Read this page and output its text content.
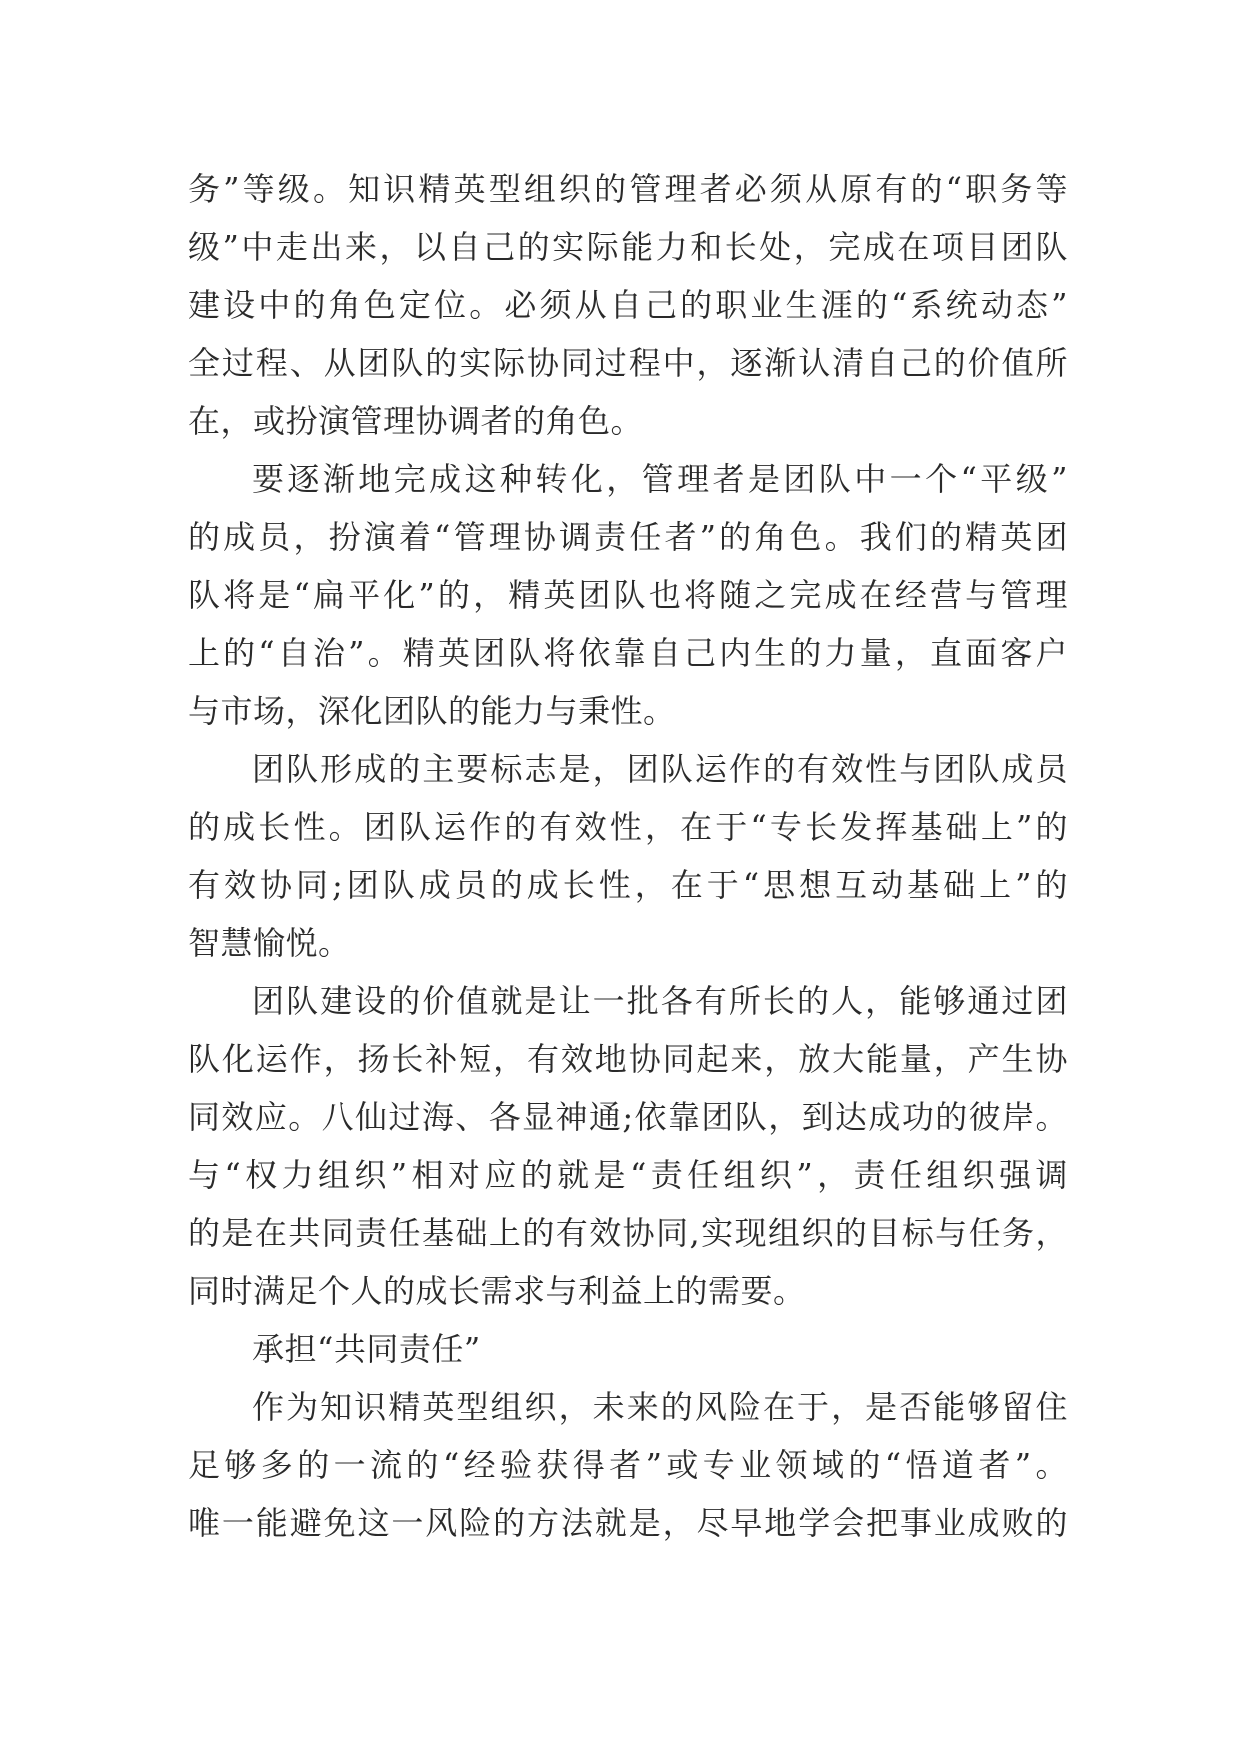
务”等级。知识精英型组织的管理者必须从原有的“职务等
级”中走出来，以自己的实际能力和长处，完成在项目团队
建设中的角色定位。必须从自己的职业生涯的“系统动态”
全过程、从团队的实际协同过程中，逐渐认清自己的价值所
在，或扮演管理协调者的角色。
要逐渐地完成这种转化，管理者是团队中一个“平级”
的成员，扮演着“管理协调责任者”的角色。我们的精英团
队将是“扁平化”的，精英团队也将随之完成在经营与管理
上的“自治”。精英团队将依靠自己内生的力量，直面客户
与市场，深化团队的能力与秉性。
团队形成的主要标志是，团队运作的有效性与团队成员
的成长性。团队运作的有效性，在于“专长发挥基础上”的
有效协同;团队成员的成长性，在于“思想互动基础上”的
智慧愉悦。
团队建设的价值就是让一批各有所长的人，能够通过团
队化运作，扬长补短，有效地协同起来，放大能量，产生协
同效应。八仙过海、各显神通;依靠团队，到达成功的彼岸。
与“权力组织”相对应的就是“责任组织”，责任组织强调
的是在共同责任基础上的有效协同,实现组织的目标与任务，
同时满足个人的成长需求与利益上的需要。
承担“共同责任”
作为知识精英型组织，未来的风险在于，是否能够留住
足够多的一流的“经验获得者”或专业领域的“悟道者”。
唯一能避免这一风险的方法就是，尽早地学会把事业成败的
